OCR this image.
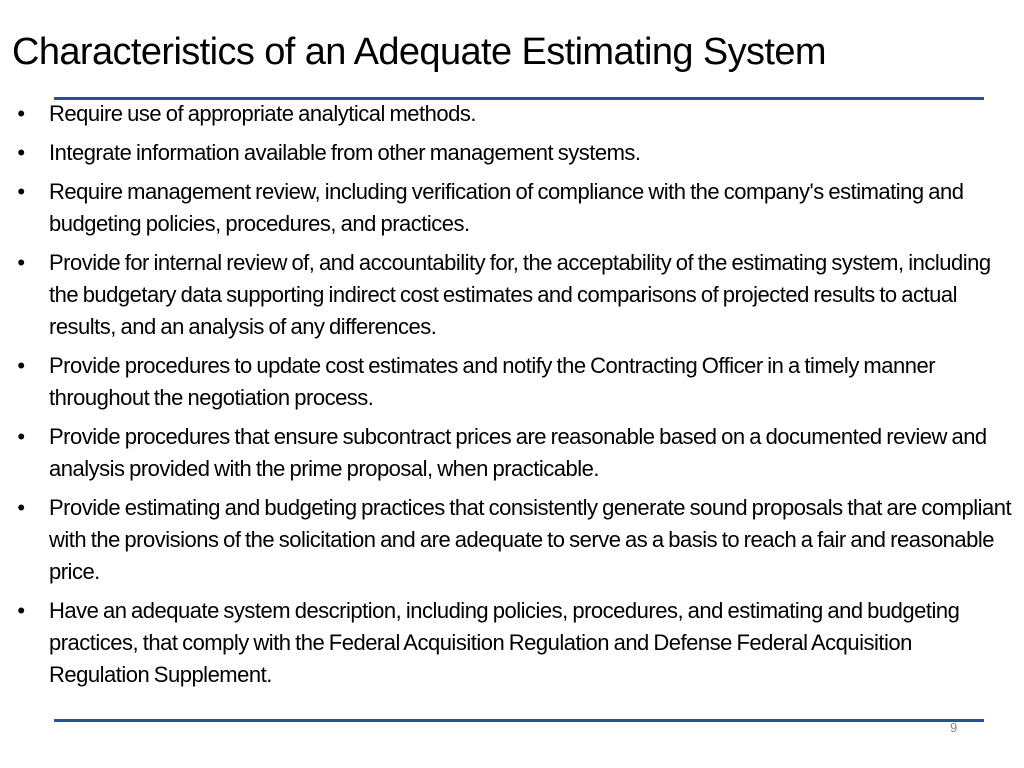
Characteristics of an Adequate Estimating System
• Require use of appropriate analytical methods.
• Integrate information available from other management systems.
• Require management review, including verification of compliance with the company's estimating and budgeting policies, procedures, and practices.
• Provide for internal review of, and accountability for, the acceptability of the estimating system, including the budgetary data supporting indirect cost estimates and comparisons of projected results to actual results, and an analysis of any differences.
• Provide procedures to update cost estimates and notify the Contracting Officer in a timely manner throughout the negotiation process.
• Provide procedures that ensure subcontract prices are reasonable based on a documented review and analysis provided with the prime proposal, when practicable.
• Provide estimating and budgeting practices that consistently generate sound proposals that are compliant with the provisions of the solicitation and are adequate to serve as a basis to reach a fair and reasonable price.
• Have an adequate system description, including policies, procedures, and estimating and budgeting practices, that comply with the Federal Acquisition Regulation and Defense Federal Acquisition Regulation Supplement.
9
